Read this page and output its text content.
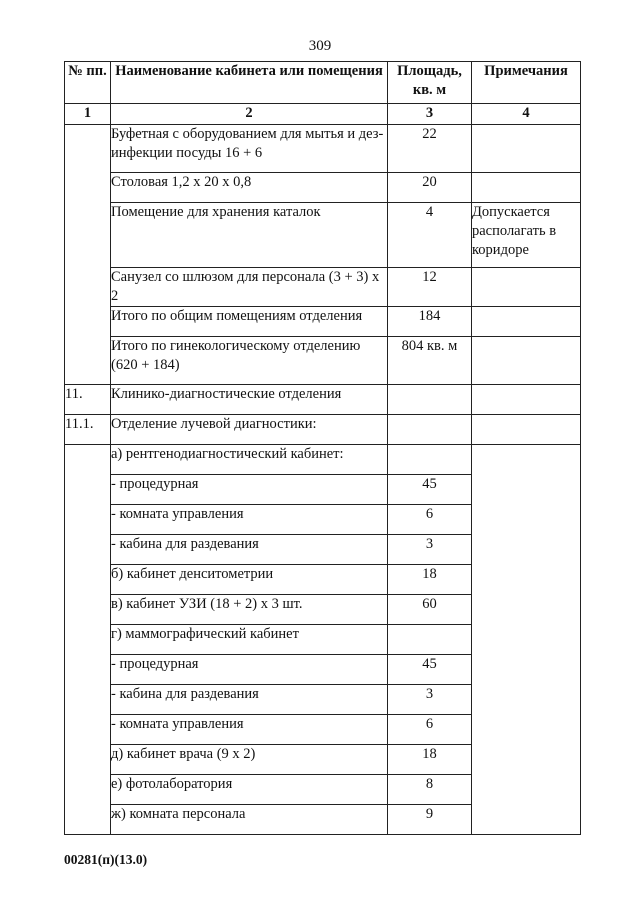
309
№ пп.	Наименование кабинета или помещения	Площадь, кв. м	Примечания
1	2	3	4
	Буфетная с оборудованием для мытья и дез-инфекции посуды 16 + 6	22	
	Столовая 1,2 х 20 х 0,8	20	
	Помещение для хранения каталок	4	Допускается располагать в коридоре
	Санузел со шлюзом для персонала (3 + 3) х 2	12	
	Итого по общим помещениям отделения	184	
	Итого по гинекологическому отделению (620 + 184)	804 кв. м	
11.	Клинико-диагностические отделения		
11.1.	Отделение лучевой диагностики:		
	а) рентгенодиагностический кабинет:		
	- процедурная	45	
	- комната управления	6	
	- кабина для раздевания	3	
	б) кабинет денситометрии	18	
	в) кабинет УЗИ (18 + 2) х 3 шт.	60	
	г) маммографический кабинет		
	- процедурная	45	
	- кабина для раздевания	3	
	- комната управления	6	
	д) кабинет врача (9 х 2)	18	
	е) фотолаборатория	8	
	ж) комната персонала	9	
00281(п)(13.0)
